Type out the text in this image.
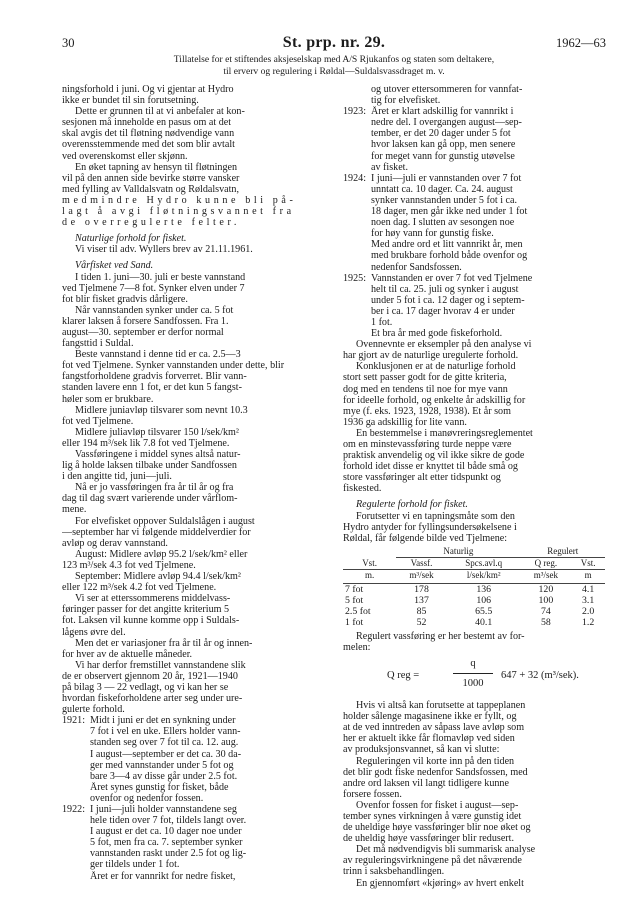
30	St. prp. nr. 29.	1962—63
Tillatelse for et stiftendes aksjeselskap med A/S Rjukanfos og staten som deltakere,
til erverv og regulering i Røldal—Suldalsvassdraget m. v.
ningsforhold i juni. Og vi gjentar at Hydro
ikke er bundet til sin forutsetning.
Dette er grunnen til at vi anbefaler at kon-
sesjonen må inneholde en pasus om at det
skal avgis det til fløtning nødvendige vann
overensstemmende med det som blir avtalt
ved overenskomst eller skjønn.
En øket tapning av hensyn til fløtningen
vil på den annen side bevirke større vansker
med fylling av Valldalsvatn og Røldalsvatn,
medmindre Hydro kunne bli på-
lagt å avgi fløtningsvannet fra
de overregulerte felter.
Naturlige forhold for fisket.
Vi viser til adv. Wyllers brev av 21.11.1961.
Vårfisket ved Sand.
I tiden 1. juni—30. juli er beste vannstand
ved Tjelmene 7—8 fot. Synker elven under 7
fot blir fisket gradvis dårligere.
Når vannstanden synker under ca. 5 fot
klarer laksen å forsere Sandfossen. Fra 1.
august—30. september er derfor normal
fangsttid i Suldal.
Beste vannstand i denne tid er ca. 2.5—3
fot ved Tjelmene. Synker vannstanden under dette, blir
fangstforholdene gradvis forverret. Blir vann-
standen lavere enn 1 fot, er det kun 5 fangst-
høler som er brukbare.
Midlere juniavløp tilsvarer som nevnt 10.3
fot ved Tjelmene.
Midlere juliavløp tilsvarer 150 l/sek/km²
eller 194 m³/sek lik 7.8 fot ved Tjelmene.
Vassføringene i middel synes altså natur-
lig å holde laksen tilbake under Sandfossen
i den angitte tid, juni—juli.
Nå er jo vassføringen fra år til år og fra
dag til dag svært varierende under vårflom-
mene.
For elvefisket oppover Suldalslågen i august
—september har vi følgende middelverdier for
avløp og derav vannstand.
August: Midlere avløp 95.2 l/sek/km² eller
123 m³/sek 4.3 fot ved Tjelmene.
September: Midlere avløp 94.4 l/sek/km²
eller 122 m³/sek 4.2 fot ved Tjelmene.
Vi ser at etterssommerens middelvass-
føringer passer for det angitte kriterium 5
fot. Laksen vil kunne komme opp i Suldals-
lågens øvre del.
Men det er variasjoner fra år til år og innen-
for hver av de aktuelle måneder.
Vi har derfor fremstillet vannstandene slik
de er observert gjennom 20 år, 1921—1940
på bilag 3 — 22 vedlagt, og vi kan her se
hvordan fiskeforholdene arter seg under ure-
gulerte forhold.
1921: Midt i juni er det en synkning under
7 fot i vel en uke. Ellers holder vann-
standen seg over 7 fot til ca. 12. aug.
I august—september er det ca. 30 da-
ger med vannstander under 5 fot og
bare 3—4 av disse går under 2.5 fot.
Året synes gunstig for fisket, både
ovenfor og nedenfor fossen.
1922: I juni—juli holder vannstandene seg
hele tiden over 7 fot, tildels langt over.
I august er det ca. 10 dager noe under
5 fot, men fra ca. 7. september synker
vannstanden raskt under 2.5 fot og lig-
ger tildels under 1 fot.
Året er for vannrikt for nedre fisket,
og utover ettersommeren for vannfat-
tig for elvefisket.
1923: Året er klart adskillig for vannrikt i
nedre del. I overgangen august—sep-
tember, er det 20 dager under 5 fot
hvor laksen kan gå opp, men senere
for meget vann for gunstig utøvelse
av fisket.
1924: I juni—juli er vannstanden over 7 fot
unntatt ca. 10 dager. Ca. 24. august
synker vannstanden under 5 fot i ca.
18 dager, men går ikke ned under 1 fot
noen dag. I slutten av sesongen noe
for høy vann for gunstig fiske.
Med andre ord et litt vannrikt år, men
med brukbare forhold både ovenfor og
nedenfor Sandsfossen.
1925: Vannstanden er over 7 fot ved Tjelmene
helt til ca. 25. juli og synker i august
under 5 fot i ca. 12 dager og i septem-
ber i ca. 17 dager hvorav 4 er under
1 fot.
Et bra år med gode fiskeforhold.
Ovennevnte er eksempler på den analyse vi
har gjort av de naturlige uregulerte forhold.
Konklusjonen er at de naturlige forhold
stort sett passer godt for de gitte kriteria,
dog med en tendens til noe for mye vann
for ideelle forhold, og enkelte år adskillig for
mye (f. eks. 1923, 1928, 1938). Et år som
1936 ga adskillig for lite vann.
En bestemmelse i manøvreringsreglementet
om en minstevassføring turde neppe være
praktisk anvendelig og vil ikke sikre de gode
forhold idet disse er knyttet til både små og
store vassføringer alt etter tidspunkt og
fiskested.
Regulerte forhold for fisket.
Forutsetter vi en tapningsmåte som den
Hydro antyder for fyllingsundersøkelsene i
Røldal, får følgende bilde ved Tjelmene:
	Naturlig		Regulert	
Vst.	Vassf.	Spcs.avl.q	Q reg.	Vst.
m.	m³/sek	l/sek/km²	m³/sek	m
7 fot	178	136	120	4.1
5 fot	137	106	100	3.1
2.5 fot	85	65.5	74	2.0
1 fot	52	40.1	58	1.2
Regulert vassføring er her bestemt av for-
melen:
Q reg =
q
1000
647 + 32 (m³/sek).
Hvis vi altså kan forutsette at tappeplanen
holder sålenge magasinene ikke er fyllt, og
at de ved inntreden av såpass lave avløp som
her er aktuelt ikke får flomavløp ved siden
av produksjonsvannet, så kan vi slutte:
Reguleringen vil korte inn på den tiden
det blir godt fiske nedenfor Sandsfossen, med
andre ord laksen vil langt tidligere kunne
forsere fossen.
Ovenfor fossen for fisket i august—sep-
tember synes virkningen å være gunstig idet
de uheldige høye vassføringer blir noe øket og
de uheldig høye vassføringer blir redusert.
Det må nødvendigvis bli summarisk analyse
av reguleringsvirkningene på det nåværende
trinn i saksbehandlingen.
En gjennomført «kjøring» av hvert enkelt
